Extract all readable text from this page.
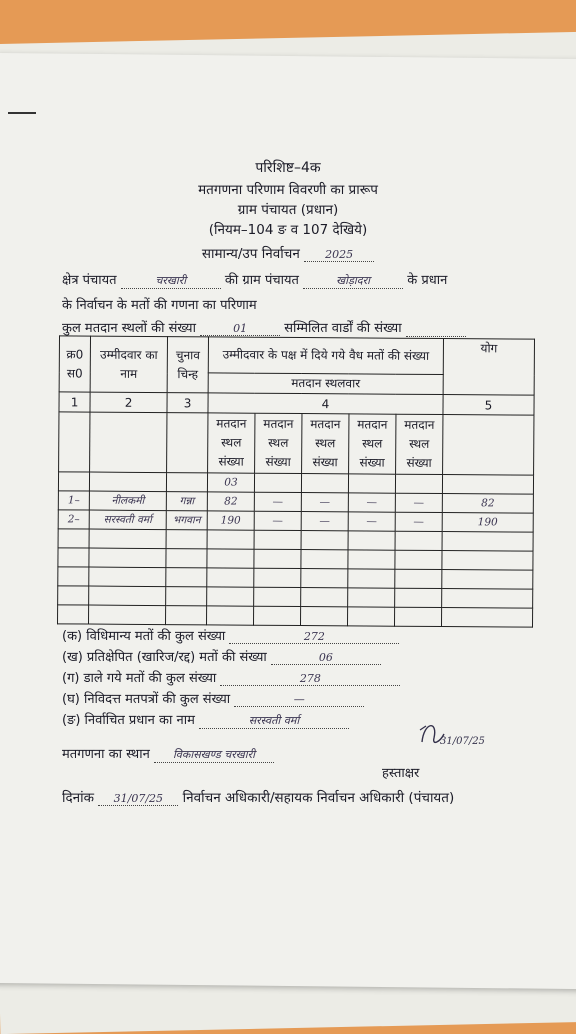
परिशिष्ट–4क
मतगणना परिणाम विवरणी का प्रारूप
ग्राम पंचायत (प्रधान)
(नियम–104 ङ व 107 देखिये)
सामान्य/उप निर्वाचन 2025
क्षेत्र पंचायत	चरखारी	की ग्राम पंचायत	खोड़ादरा	के प्रधान
के निर्वाचन के मतों की गणना का परिणाम
कुल मतदान स्थलों की संख्या	01	सम्मिलित वार्डों की संख्या
क्र0 स0	उम्मीदवार का नाम	चुनाव चिन्ह	उम्मीदवार के पक्ष में दिये गये वैध मतों की संख्या					योग
			मतदान स्थलवार					
1	2	3	4					5
			मतदान
स्थल
संख्या	मतदान
स्थल
संख्या	मतदान
स्थल
संख्या	मतदान
स्थल
संख्या	मतदान
स्थल
संख्या	
			03					
1–	नीलकमी	गन्ना	82	—	—	—	—	82
2–	सरस्वती वर्मा	भगवान	190	—	—	—	—	190

(क) विधिमान्य मतों की कुल संख्या	272
(ख) प्रतिक्षेपित (खारिज/रद्द) मतों की संख्या	06
(ग) डाले गये मतों की कुल संख्या	278
(घ) निविदत्त मतपत्रों की कुल संख्या	—
(ङ) निर्वाचित प्रधान का नाम	सरस्वती वर्मा
मतगणना का स्थान विकासखण्ड चरखारी
31/07/25
हस्ताक्षर
दिनांक 31/07/25 निर्वाचन अधिकारी/सहायक निर्वाचन अधिकारी (पंचायत)
